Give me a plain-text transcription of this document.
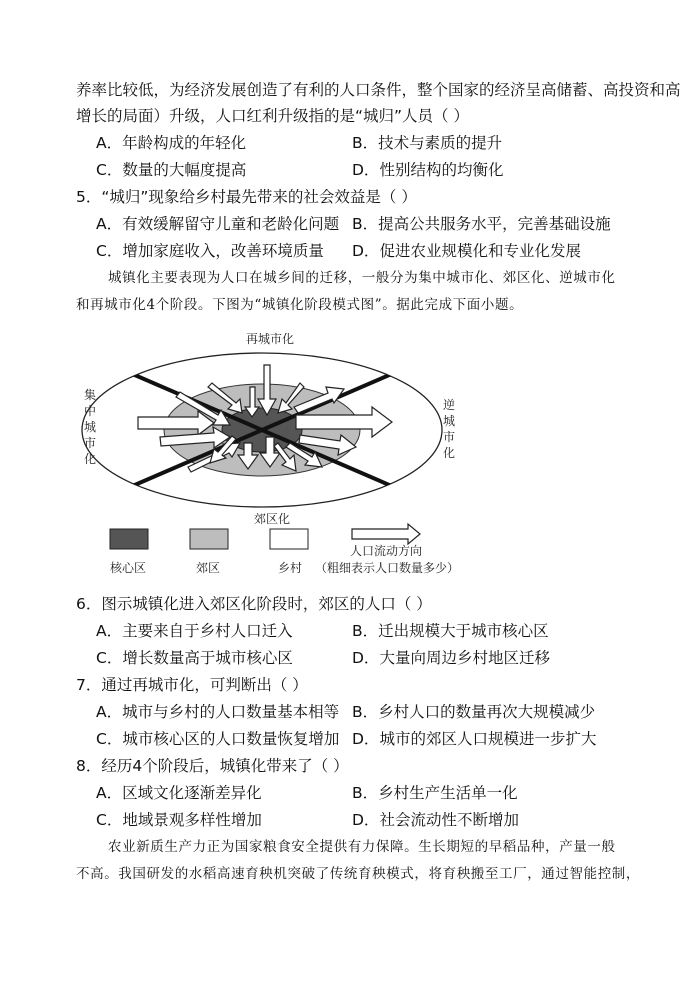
养率比较低，为经济发展创造了有利的人口条件，整个国家的经济呈高储蓄、高投资和高
增长的局面）升级，人口红利升级指的是“城归”人员（ ）
A．年龄构成的年轻化	B．技术与素质的提升
C．数量的大幅度提高	D．性别结构的均衡化
5．“城归”现象给乡村最先带来的社会效益是（ ）
A．有效缓解留守儿童和老龄化问题 B．提高公共服务水平，完善基础设施
C．增加家庭收入，改善环境质量 D．促进农业规模化和专业化发展
城镇化主要表现为人口在城乡间的迁移，一般分为集中城市化、郊区化、逆城市化
和再城市化4个阶段。下图为“城镇化阶段模式图”。据此完成下面小题。
再城市化
郊区化
集
中
城
市
化
逆
城
市
化
核心区	郊区	乡村
人口流动方向
（粗细表示人口数量多少）
6．图示城镇化进入郊区化阶段时，郊区的人口（ ）
A．主要来自于乡村人口迁入	B．迁出规模大于城市核心区
C．增长数量高于城市核心区	D．大量向周边乡村地区迁移
7．通过再城市化，可判断出（ ）
A．城市与乡村的人口数量基本相等 B．乡村人口的数量再次大规模减少
C．城市核心区的人口数量恢复增加 D．城市的郊区人口规模进一步扩大
8．经历4个阶段后，城镇化带来了（ ）
A．区域文化逐渐差异化	B．乡村生产生活单一化
C．地域景观多样性增加	D．社会流动性不断增加
农业新质生产力正为国家粮食安全提供有力保障。生长期短的早稻品种，产量一般
不高。我国研发的水稻高速育秧机突破了传统育秧模式，将育秧搬至工厂，通过智能控制，
